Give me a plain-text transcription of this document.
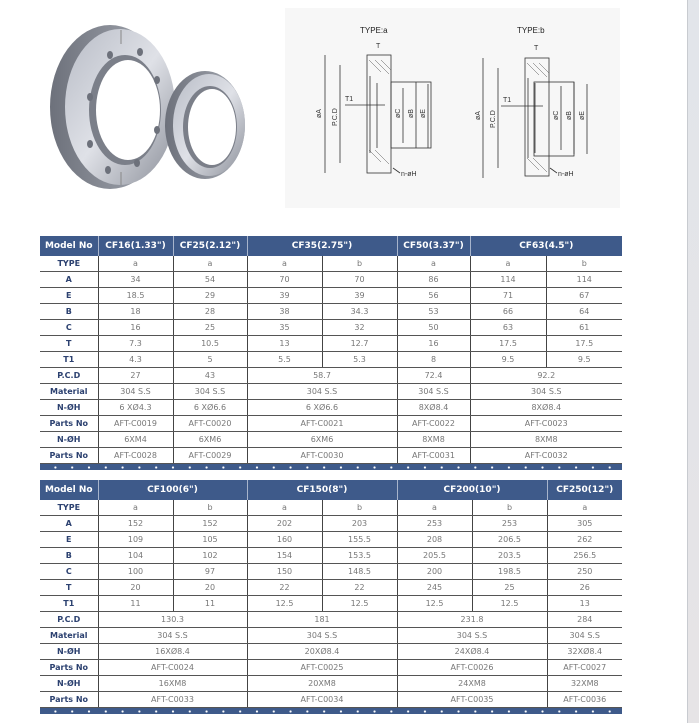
TYPE:a	TYPE:b
T
T1
øA P.C.D	øC øB øE
n-øH
T
T1
øA P.C.D	øC øB øE
n-øH
Model No	CF16(1.33")	CF25(2.12")	CF35(2.75")		CF50(3.37")	CF63(4.5")	
TYPE	a	a	a	b	a	a	b
A	34	54	70	70	86	114	114
E	18.5	29	39	39	56	71	67
B	18	28	38	34.3	53	66	64
C	16	25	35	32	50	63	61
T	7.3	10.5	13	12.7	16	17.5	17.5
T1	4.3	5	5.5	5.3	8	9.5	9.5
P.C.D	27	43	58.7		72.4	92.2	
Material	304 S.S	304 S.S	304 S.S		304 S.S	304 S.S	
N-ØH	6 XØ4.3	6 XØ6.6	6 XØ6.6		8XØ8.4	8XØ8.4	
Parts No	AFT-C0019	AFT-C0020	AFT-C0021		AFT-C0022	AFT-C0023	
N-ØH	6XM4	6XM6	6XM6		8XM8	8XM8	
Parts No	AFT-C0028	AFT-C0029	AFT-C0030		AFT-C0031	AFT-C0032	

Model No	CF100(6")		CF150(8")		CF200(10")		CF250(12")
TYPE	a	b	a	b	a	b	a
A	152	152	202	203	253	253	305
E	109	105	160	155.5	208	206.5	262
B	104	102	154	153.5	205.5	203.5	256.5
C	100	97	150	148.5	200	198.5	250
T	20	20	22	22	245	25	26
T1	11	11	12.5	12.5	12.5	12.5	13
P.C.D	130.3		181		231.8		284
Material	304 S.S		304 S.S		304 S.S		304 S.S
N-ØH	16XØ8.4		20XØ8.4		24XØ8.4		32XØ8.4
Parts No	AFT-C0024		AFT-C0025		AFT-C0026		AFT-C0027
N-ØH	16XM8		20XM8		24XM8		32XM8
Parts No	AFT-C0033		AFT-C0034		AFT-C0035		AFT-C0036
